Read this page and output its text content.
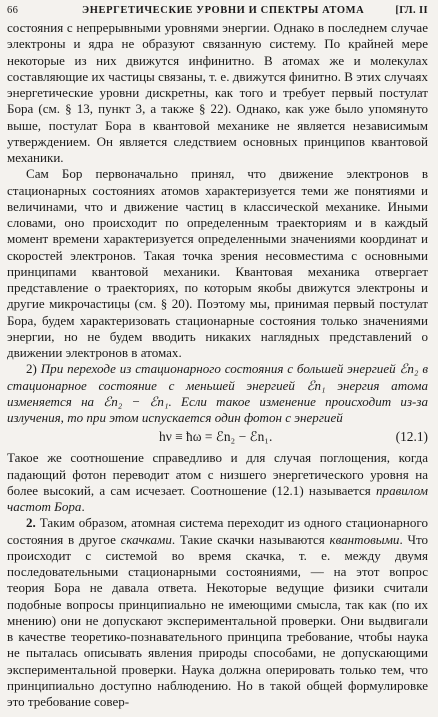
66	ЭНЕРГЕТИЧЕСКИЕ УРОВНИ И СПЕКТРЫ АТОМА	[ГЛ. II

состояния с непрерывными уровнями энергии. Однако в последнем случае электроны и ядра не образуют связанную систему. По крайней мере некоторые из них движутся инфинитно. В атомах же и молекулах составляющие их частицы связаны, т. е. движутся финитно. В этих случаях энергетические уровни дискретны, как того и требует первый постулат Бора (см. § 13, пункт 3, а также § 22). Однако, как уже было упомянуто выше, постулат Бора в квантовой механике не является независимым утверждением. Он является следствием основных принципов квантовой механики.

Сам Бор первоначально принял, что движение электронов в стационарных состояниях атомов характеризуется теми же понятиями и величинами, что и движение частиц в классической механике. Иными словами, оно происходит по определенным траекториям и в каждый момент времени характеризуется определенными значениями координат и скоростей электронов. Такая точка зрения несовместима с основными принципами квантовой механики. Квантовая механика отвергает представление о траекториях, по которым якобы движутся электроны и другие микрочастицы (см. § 20). Поэтому мы, принимая первый постулат Бора, будем характеризовать стационарные состояния только значениями энергии, но не будем вводить никаких наглядных представлений о движении электронов в атомах.

2) При переходе из стационарного состояния с большей энергией ℰn₂ в стационарное состояние с меньшей энергией ℰn₁ энергия атома изменяется на ℰn₂ − ℰn₁. Если такое изменение происходит из-за излучения, то при этом испускается один фотон с энергией

hν ≡ ħω = ℰn₂ − ℰn₁.	(12.1)

Такое же соотношение справедливо и для случая поглощения, когда падающий фотон переводит атом с низшего энергетического уровня на более высокий, а сам исчезает. Соотношение (12.1) называется правилом частот Бора.

2. Таким образом, атомная система переходит из одного стационарного состояния в другое скачками. Такие скачки называются квантовыми. Что происходит с системой во время скачка, т. е. между двумя последовательными стационарными состояниями, — на этот вопрос теория Бора не давала ответа. Некоторые ведущие физики считали подобные вопросы принципиально не имеющими смысла, так как (по их мнению) они не допускают экспериментальной проверки. Они выдвигали в качестве теоретико-познавательного принципа требование, чтобы наука не пыталась описывать явления природы способами, не допускающими экспериментальной проверки. Наука должна оперировать только тем, что принципиально доступно наблюдению. Но в такой общей формулировке это требование совер-
